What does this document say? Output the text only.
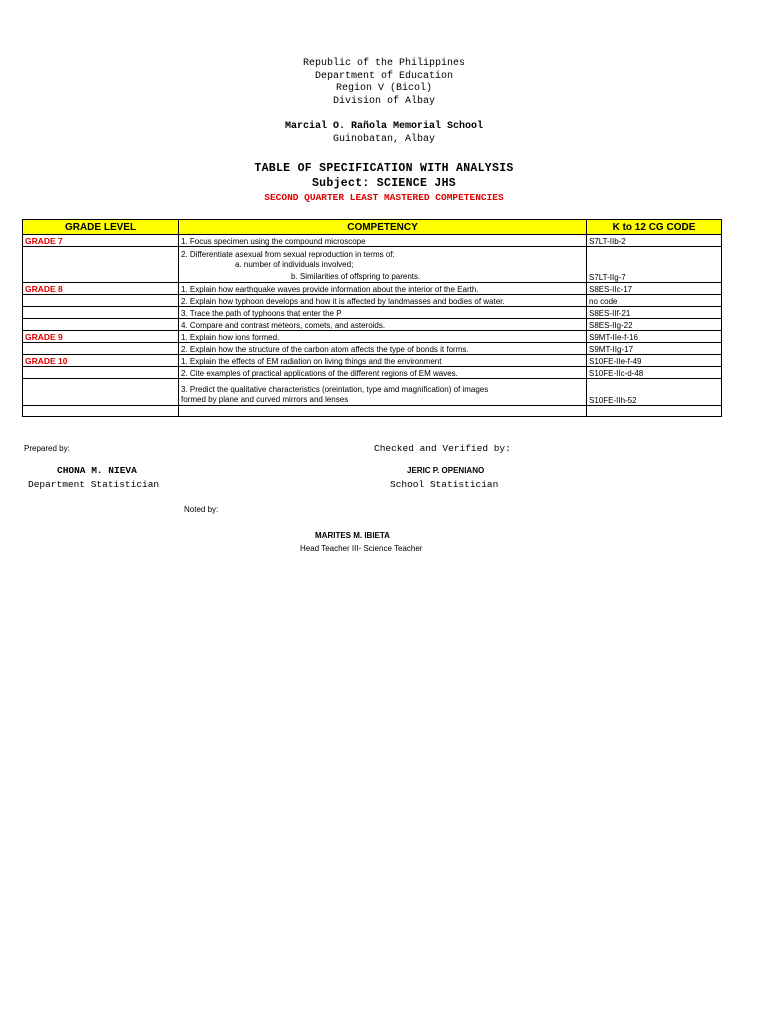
Republic of the Philippines
Department of Education
Region V (Bicol)
Division of Albay
Marcial O. Rañola Memorial School
Guinobatan, Albay
TABLE OF SPECIFICATION WITH ANALYSIS
Subject: SCIENCE JHS
SECOND QUARTER LEAST MASTERED COMPETENCIES
GRADE LEVEL	COMPETENCY	K to 12 CG CODE
GRADE 7	1. Focus specimen using the compound microscope	S7LT-IIb-2

	2. Differentiate asexual from sexual reproduction in terms of:
a. number of individuals involved;
b. Similarities of offspring to parents.	S7LT-IIg-7
GRADE 8	1. Explain how earthquake waves provide information about the interior of the Earth.	S8ES-IIc-17
	2. Explain how typhoon develops and how it is affected by landmasses and bodies of water.	no code
	3. Trace the path of typhoons that enter the P	S8ES-IIf-21
	4. Compare and contrast meteors, comets, and asteroids.	S8ES-IIg-22
GRADE 9	1. Explain how ions formed.	S9MT-IIe-f-16
	2. Explain how the structure of the carbon atom affects the type of bonds it forms.	S9MT-IIg-17
GRADE 10	1. Explain the effects of EM radiation on living things and the environment	S10FE-IIe-f-49
	2. Cite examples of practical applications of the different regions of EM waves.	S10FE-IIc-d-48

	3. Predict the qualitative characteristics (oreintation, type amd magnification) of images
formed by plane and curved mirrors and lenses	S10FE-IIh-52

Prepared by:	Checked and Verified by:
CHONA M. NIEVA	JERIC P. OPENIANO
Department Statistician	School Statistician
Noted by:
MARITES M. IBIETA
Head Teacher III- Science Teacher
